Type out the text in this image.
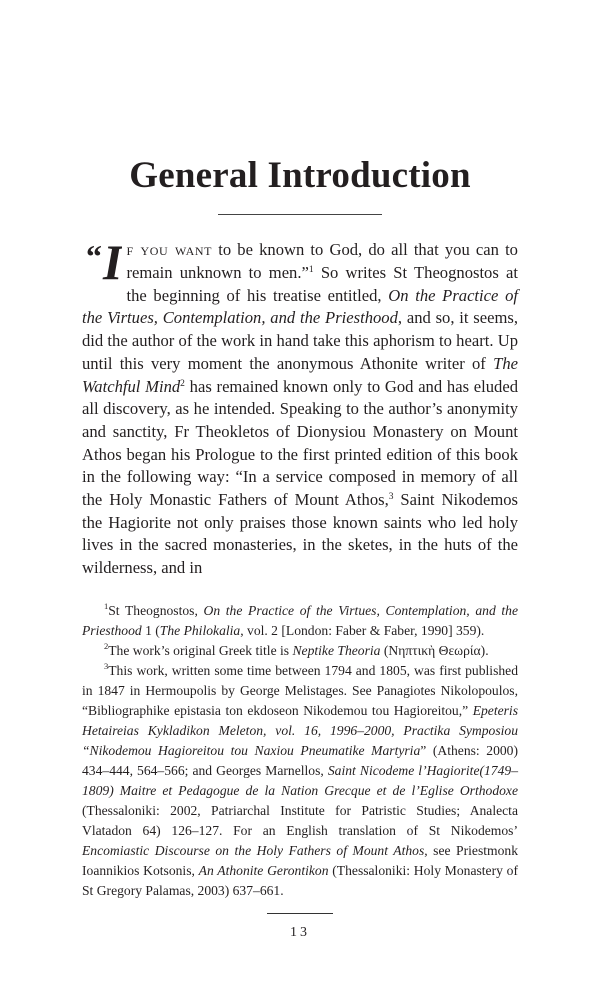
General Introduction

“ I f you want to be known to God, do all that you can to remain unknown to men.”$^1$ So writes St Theognostos at the beginning of his treatise entitled, On the Practice of the Virtues, Contemplation, and the Priesthood, and so, it seems, did the author of the work in hand take this aphorism to heart. Up until this very moment the anonymous Athonite writer of The Watchful Mind$^2$ has remained known only to God and has eluded all discovery, as he intended. Speaking to the author’s anonymity and sanctity, Fr Theokletos of Dionysiou Monastery on Mount Athos began his Prologue to the first printed edition of this book in the following way: “In a service composed in memory of all the Holy Monastic Fathers of Mount Athos,$^3$ Saint Nikodemos the Hagiorite not only praises those known saints who led holy lives in the sacred monasteries, in the sketes, in the huts of the wilderness, and in

$^1$St Theognostos, On the Practice of the Virtues, Contemplation, and the Priesthood 1 (The Philokalia, vol. 2 [London: Faber & Faber, 1990] 359).

$^2$The work’s original Greek title is Neptike Theoria (Νηπτικὴ Θεωρία).

$^3$This work, written some time between 1794 and 1805, was first published in 1847 in Hermoupolis by George Melistages. See Panagiotes Nikolopoulos, “Bibliographike epistasia ton ekdoseon Nikodemou tou Hagioreitou,” Epeteris Hetaireias Kykladikon Meleton, vol. 16, 1996–2000, Practika Symposiou “Nikodemou Hagioreitou tou Naxiou Pneumatike Martyria” (Athens: 2000) 434–444, 564–566; and Georges Marnellos, Saint Nicodeme l’Hagiorite(1749–1809) Maitre et Pedagogue de la Nation Grecque et de l’Eglise Orthodoxe (Thessaloniki: 2002, Patriarchal Institute for Patristic Studies; Analecta Vlatadon 64) 126–127. For an English translation of St Nikodemos’ Encomiastic Discourse on the Holy Fathers of Mount Athos, see Priestmonk Ioannikios Kotsonis, An Athonite Gerontikon (Thessaloniki: Holy Monastery of St Gregory Palamas, 2003) 637–661.

13
